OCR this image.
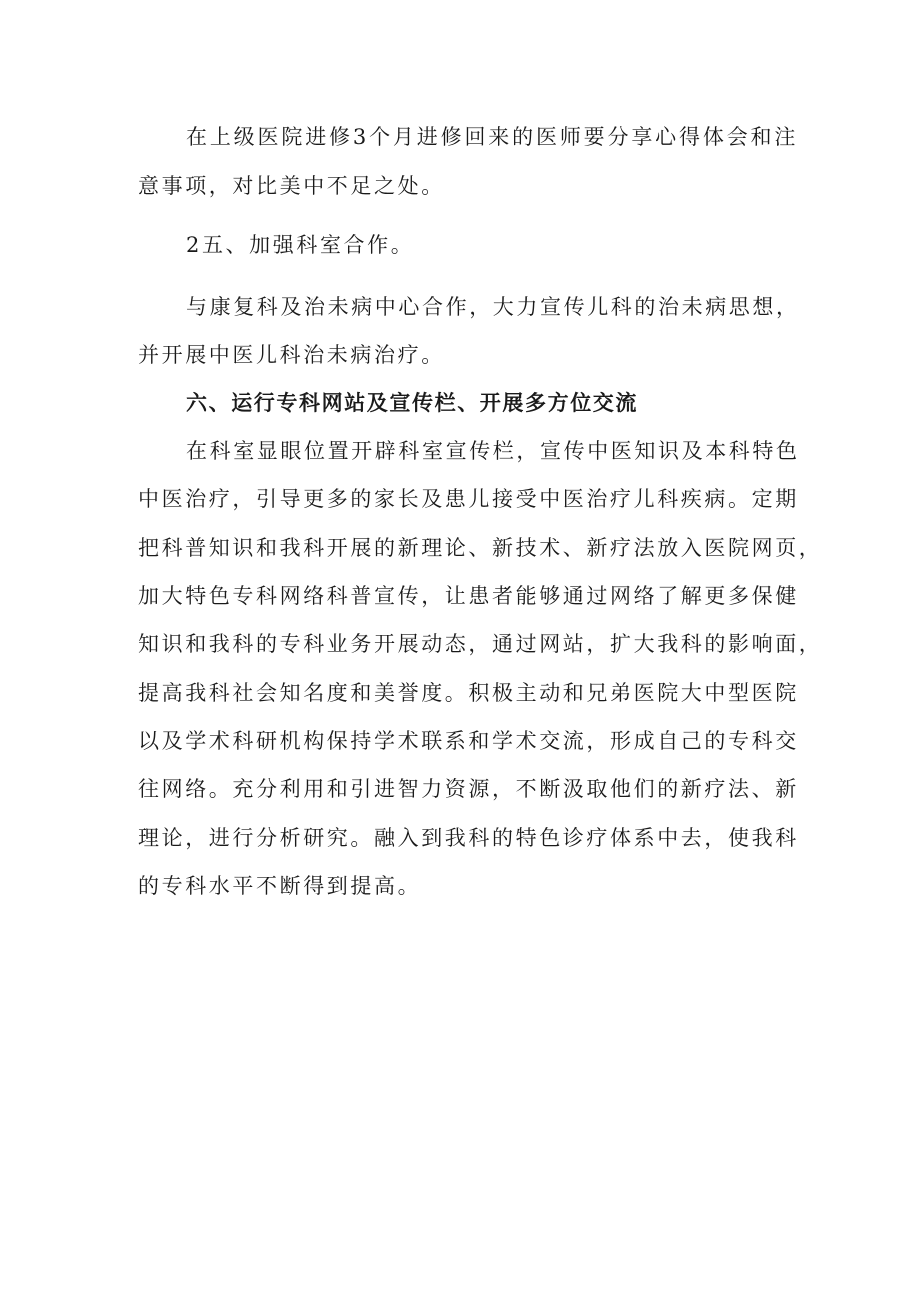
在上级医院进修3个月进修回来的医师要分享心得体会和注
意事项，对比美中不足之处。
2五、加强科室合作。
与康复科及治未病中心合作，大力宣传儿科的治未病思想，
并开展中医儿科治未病治疗。
六、运行专科网站及宣传栏、开展多方位交流
在科室显眼位置开辟科室宣传栏，宣传中医知识及本科特色
中医治疗，引导更多的家长及患儿接受中医治疗儿科疾病。定期
把科普知识和我科开展的新理论、新技术、新疗法放入医院网页，
加大特色专科网络科普宣传，让患者能够通过网络了解更多保健
知识和我科的专科业务开展动态，通过网站，扩大我科的影响面，
提高我科社会知名度和美誉度。积极主动和兄弟医院大中型医院
以及学术科研机构保持学术联系和学术交流，形成自己的专科交
往网络。充分利用和引进智力资源，不断汲取他们的新疗法、新
理论，进行分析研究。融入到我科的特色诊疗体系中去，使我科
的专科水平不断得到提高。
